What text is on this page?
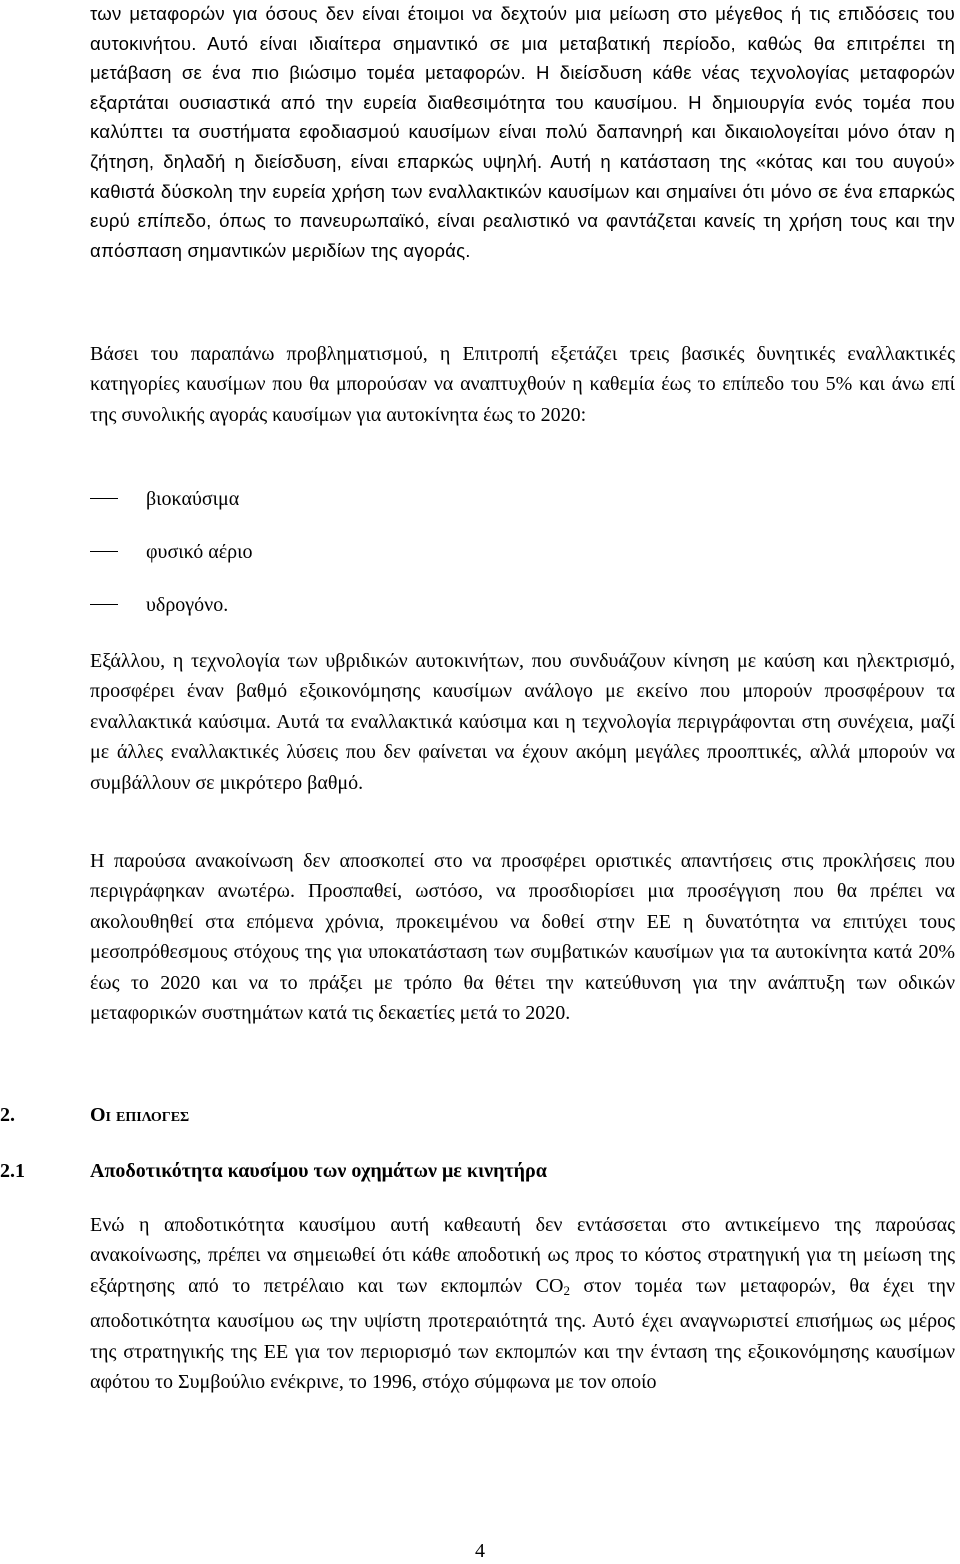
των μεταφορών για όσους δεν είναι έτοιμοι να δεχτούν μια μείωση στο μέγεθος ή τις επιδόσεις του αυτοκινήτου. Αυτό είναι ιδιαίτερα σημαντικό σε μια μεταβατική περίοδο, καθώς θα επιτρέπει τη μετάβαση σε ένα πιο βιώσιμο τομέα μεταφορών. Η διείσδυση κάθε νέας τεχνολογίας μεταφορών εξαρτάται ουσιαστικά από την ευρεία διαθεσιμότητα του καυσίμου. Η δημιουργία ενός τομέα που καλύπτει τα συστήματα εφοδιασμού καυσίμων είναι πολύ δαπανηρή και δικαιολογείται μόνο όταν η ζήτηση, δηλαδή η διείσδυση, είναι επαρκώς υψηλή. Αυτή η κατάσταση της «κότας και του αυγού» καθιστά δύσκολη την ευρεία χρήση των εναλλακτικών καυσίμων και σημαίνει ότι μόνο σε ένα επαρκώς ευρύ επίπεδο, όπως το πανευρωπαϊκό, είναι ρεαλιστικό να φαντάζεται κανείς τη χρήση τους και την απόσπαση σημαντικών μεριδίων της αγοράς.

Βάσει του παραπάνω προβληματισμού, η Επιτροπή εξετάζει τρεις βασικές δυνητικές εναλλακτικές κατηγορίες καυσίμων που θα μπορούσαν να αναπτυχθούν η καθεμία έως το επίπεδο του 5% και άνω επί της συνολικής αγοράς καυσίμων για αυτοκίνητα έως το 2020:

βιοκαύσιμα
φυσικό αέριο
υδρογόνο.

Εξάλλου, η τεχνολογία των υβριδικών αυτοκινήτων, που συνδυάζουν κίνηση με καύση και ηλεκτρισμό, προσφέρει έναν βαθμό εξοικονόμησης καυσίμων ανάλογο με εκείνο που μπορούν προσφέρουν τα εναλλακτικά καύσιμα. Αυτά τα εναλλακτικά καύσιμα και η τεχνολογία περιγράφονται στη συνέχεια, μαζί με άλλες εναλλακτικές λύσεις που δεν φαίνεται να έχουν ακόμη μεγάλες προοπτικές, αλλά μπορούν να συμβάλλουν σε μικρότερο βαθμό.

Η παρούσα ανακοίνωση δεν αποσκοπεί στο να προσφέρει οριστικές απαντήσεις στις προκλήσεις που περιγράφηκαν ανωτέρω. Προσπαθεί, ωστόσο, να προσδιορίσει μια προσέγγιση που θα πρέπει να ακολουθηθεί στα επόμενα χρόνια, προκειμένου να δοθεί στην ΕΕ η δυνατότητα να επιτύχει τους μεσοπρόθεσμους στόχους της για υποκατάσταση των συμβατικών καυσίμων για τα αυτοκίνητα κατά 20% έως το 2020 και να το πράξει με τρόπο θα θέτει την κατεύθυνση για την ανάπτυξη των οδικών μεταφορικών συστημάτων κατά τις δεκαετίες μετά το 2020.

2.	Οι επιλογες
2.1	Αποδοτικότητα καυσίμου των οχημάτων με κινητήρα

Ενώ η αποδοτικότητα καυσίμου αυτή καθεαυτή δεν εντάσσεται στο αντικείμενο της παρούσας ανακοίνωσης, πρέπει να σημειωθεί ότι κάθε αποδοτική ως προς το κόστος στρατηγική για τη μείωση της εξάρτησης από το πετρέλαιο και των εκπομπών $CO_2$ στον τομέα των μεταφορών, θα έχει την αποδοτικότητα καυσίμου ως την υψίστη προτεραιότητά της. Αυτό έχει αναγνωριστεί επισήμως ως μέρος της στρατηγικής της ΕΕ για τον περιορισμό των εκπομπών και την ένταση της εξοικονόμησης καυσίμων αφότου το Συμβούλιο ενέκρινε, το 1996, στόχο σύμφωνα με τον οποίο

4
